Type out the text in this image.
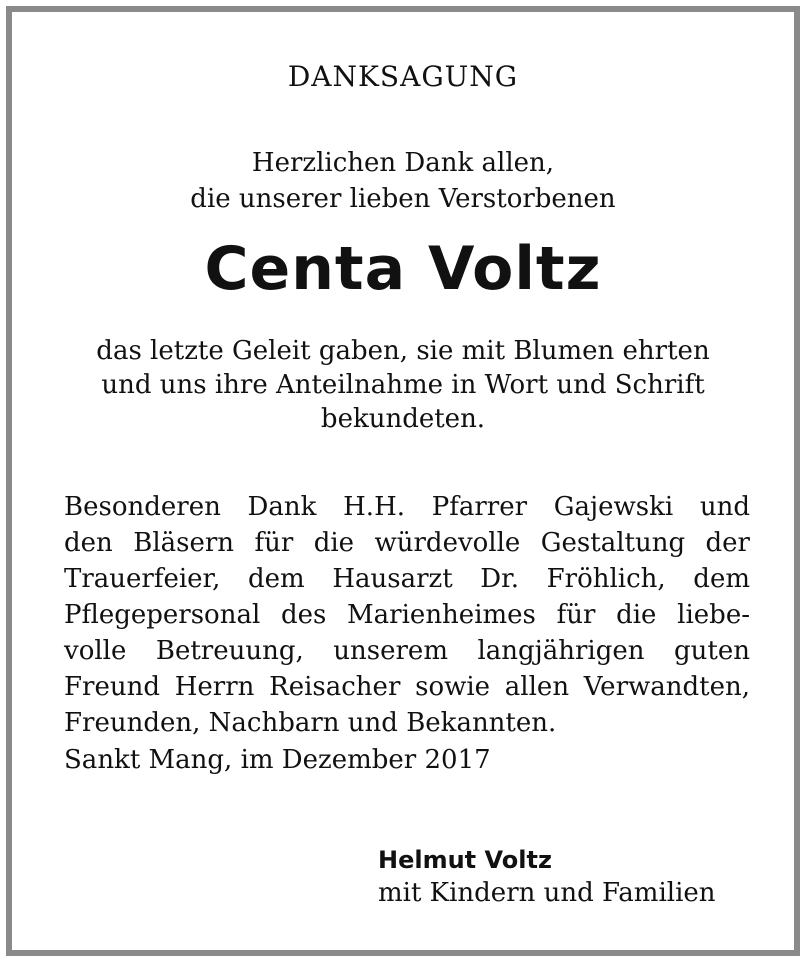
DANKSAGUNG
Herzlichen Dank allen,
die unserer lieben Verstorbenen
Centa Voltz
das letzte Geleit gaben, sie mit Blumen ehrten
und uns ihre Anteilnahme in Wort und Schrift
bekundeten.
Besonderen Dank H.H. Pfarrer Gajewski und
den Bläsern für die würdevolle Gestaltung der
Trauerfeier, dem Hausarzt Dr. Fröhlich, dem
Pflegepersonal des Marienheimes für die liebe-
volle Betreuung, unserem langjährigen guten
Freund Herrn Reisacher sowie allen Verwandten,
Freunden, Nachbarn und Bekannten.
Sankt Mang, im Dezember 2017
Helmut Voltz
mit Kindern und Familien
